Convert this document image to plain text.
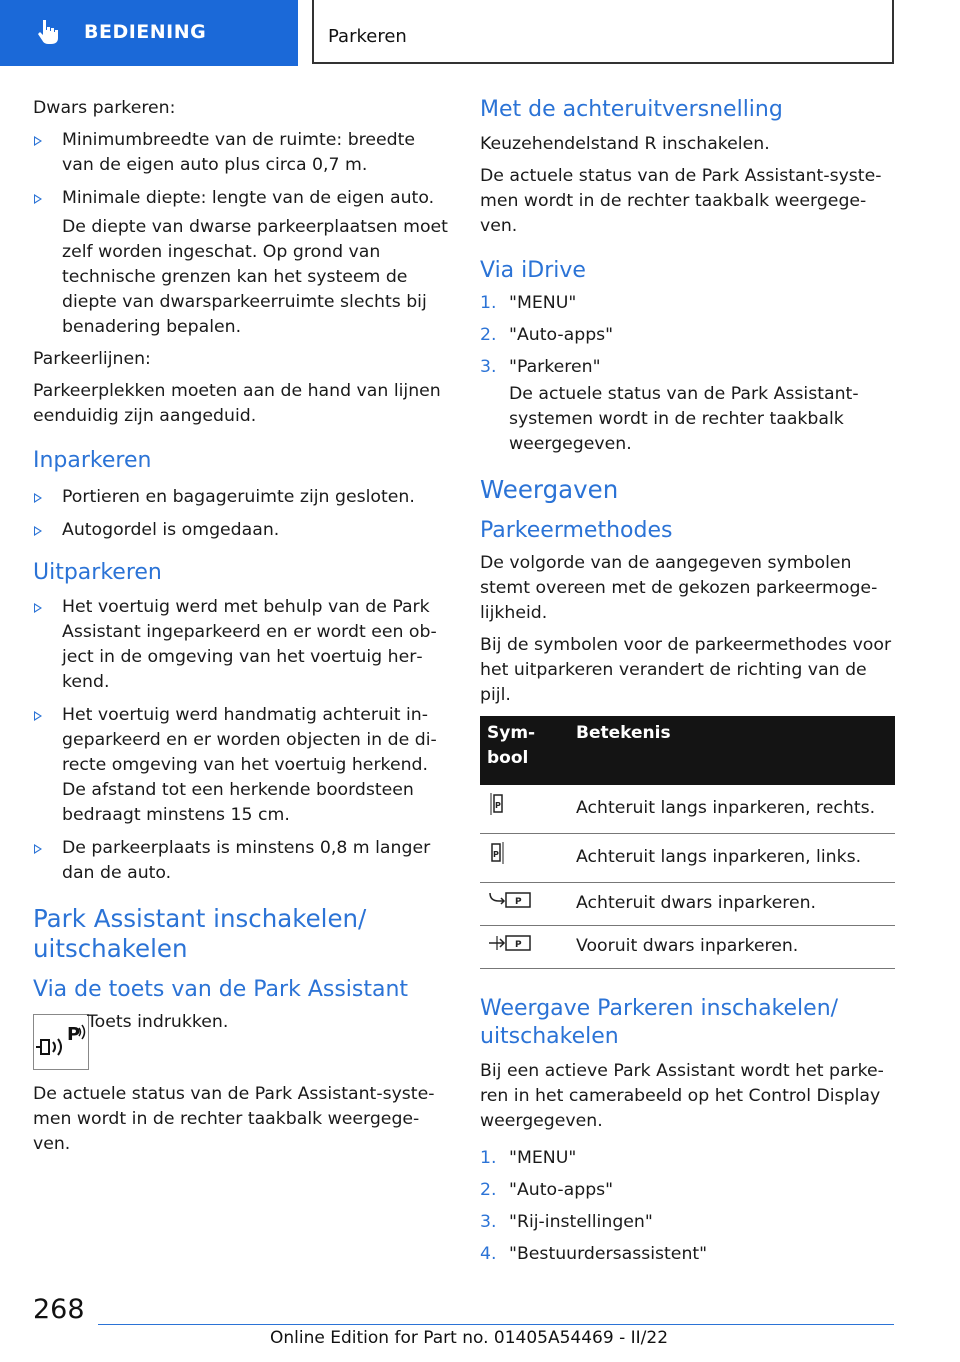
BEDIENING	Parkeren

Dwars parkeren:

Minimumbreedte van de ruimte: breedte van de eigen auto plus circa 0,7 m.
Minimale diepte: lengte van de eigen auto.

De diepte van dwarse parkeerplaatsen moet zelf worden ingeschat. Op grond van technische grenzen kan het systeem de diepte van dwarsparkeerruimte slechts bij benadering bepalen.

Parkeerlijnen:

Parkeerplekken moeten aan de hand van lijnen eenduidig zijn aangeduid.

Inparkeren
Portieren en bagageruimte zijn gesloten.
Autogordel is omgedaan.
Uitparkeren
Het voertuig werd met behulp van de Park Assistant ingeparkeerd en er wordt een object in de omgeving van het voertuig herkend.
Het voertuig werd handmatig achteruit ingeparkeerd en er worden objecten in de directe omgeving van het voertuig herkend. De afstand tot een herkende boordsteen bedraagt minstens 15 cm.
De parkeerplaats is minstens 0,8 m langer dan de auto.
Park Assistant inschakelen/ uitschakelen
Via de toets van de Park Assistant
P
Toets indrukken.

De actuele status van de Park Assistant-systemen wordt in de rechter taakbalk weergegeven.

Met de achteruitversnelling

Keuzehendelstand R inschakelen.

De actuele status van de Park Assistant-systemen wordt in de rechter taakbalk weergegeven.

Via iDrive
1. "MENU"
2. "Auto-apps"
3. "Parkeren"

De actuele status van de Park Assistant-systemen wordt in de rechter taakbalk weergegeven.

Weergaven
Parkeermethodes

De volgorde van de aangegeven symbolen stemt overeen met de gekozen parkeermogelijkheid.

Bij de symbolen voor de parkeermethodes voor het uitparkeren verandert de richting van de pijl.

Symbool	Betekenis

P	Achteruit langs inparkeren, rechts.

P	Achteruit langs inparkeren, links.

P	Achteruit dwars inparkeren.

P	Vooruit dwars inparkeren.
Weergave Parkeren inschakelen/ uitschakelen

Bij een actieve Park Assistant wordt het parkeren in het camerabeeld op het Control Display weergegeven.

1. "MENU"
2. "Auto-apps"
3. "Rij-instellingen"
4. "Bestuurdersassistent"
268
Online Edition for Part no. 01405A54469 - II/22
